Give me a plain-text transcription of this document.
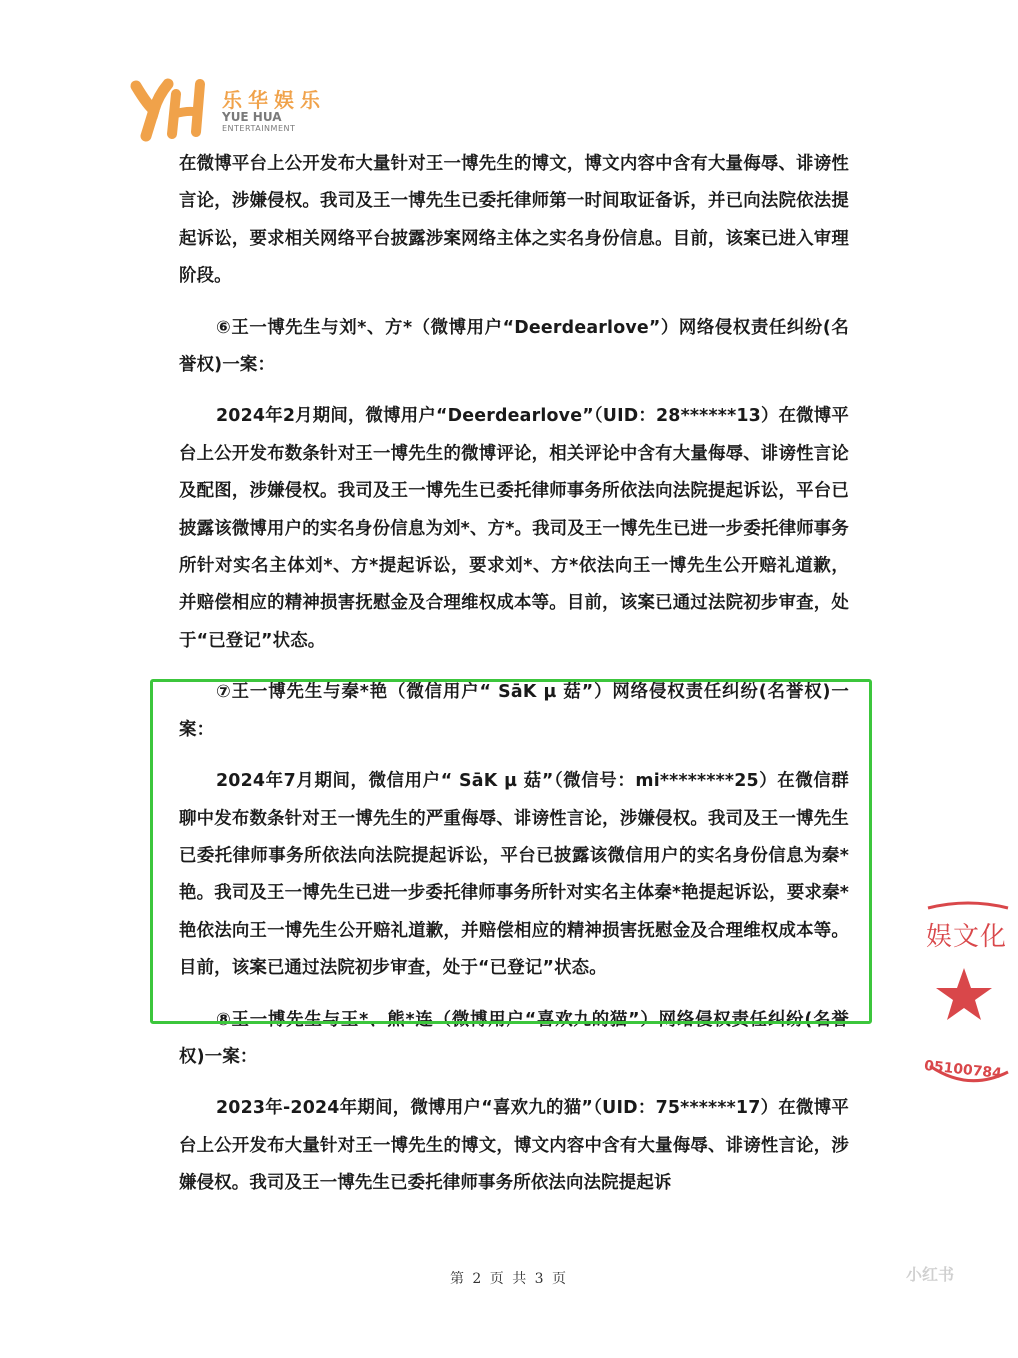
乐华娱乐
YUE HUA
ENTERTAINMENT

在微博平台上公开发布大量针对王一博先生的博文，博文内容中含有大量侮辱、诽谤性言论，涉嫌侵权。我司及王一博先生已委托律师第一时间取证备诉，并已向法院依法提起诉讼，要求相关网络平台披露涉案网络主体之实名身份信息。目前，该案已进入审理阶段。

⑥王一博先生与刘*、方*（微博用户“Deerdearlove”）网络侵权责任纠纷(名誉权)一案：

2024年2月期间，微博用户“Deerdearlove”（UID：28******13）在微博平台上公开发布数条针对王一博先生的微博评论，相关评论中含有大量侮辱、诽谤性言论及配图，涉嫌侵权。我司及王一博先生已委托律师事务所依法向法院提起诉讼，平台已披露该微博用户的实名身份信息为刘*、方*。我司及王一博先生已进一步委托律师事务所针对实名主体刘*、方*提起诉讼，要求刘*、方*依法向王一博先生公开赔礼道歉，并赔偿相应的精神损害抚慰金及合理维权成本等。目前，该案已通过法院初步审查，处于“已登记”状态。

⑦王一博先生与秦*艳（微信用户“ SāK µ 菇”）网络侵权责任纠纷(名誉权)一案：

2024年7月期间，微信用户“ SāK µ 菇”（微信号：mi********25）在微信群聊中发布数条针对王一博先生的严重侮辱、诽谤性言论，涉嫌侵权。我司及王一博先生已委托律师事务所依法向法院提起诉讼，平台已披露该微信用户的实名身份信息为秦*艳。我司及王一博先生已进一步委托律师事务所针对实名主体秦*艳提起诉讼，要求秦*艳依法向王一博先生公开赔礼道歉，并赔偿相应的精神损害抚慰金及合理维权成本等。目前，该案已通过法院初步审查，处于“已登记”状态。

⑧王一博先生与王*、熊*连（微博用户“喜欢九的猫”）网络侵权责任纠纷(名誉权)一案：

2023年-2024年期间，微博用户“喜欢九的猫”（UID：75******17）在微博平台上公开发布大量针对王一博先生的博文，博文内容中含有大量侮辱、诽谤性言论，涉嫌侵权。我司及王一博先生已委托律师事务所依法向法院提起诉

娱文化
05100784
第 2 页 共 3 页	小红书
